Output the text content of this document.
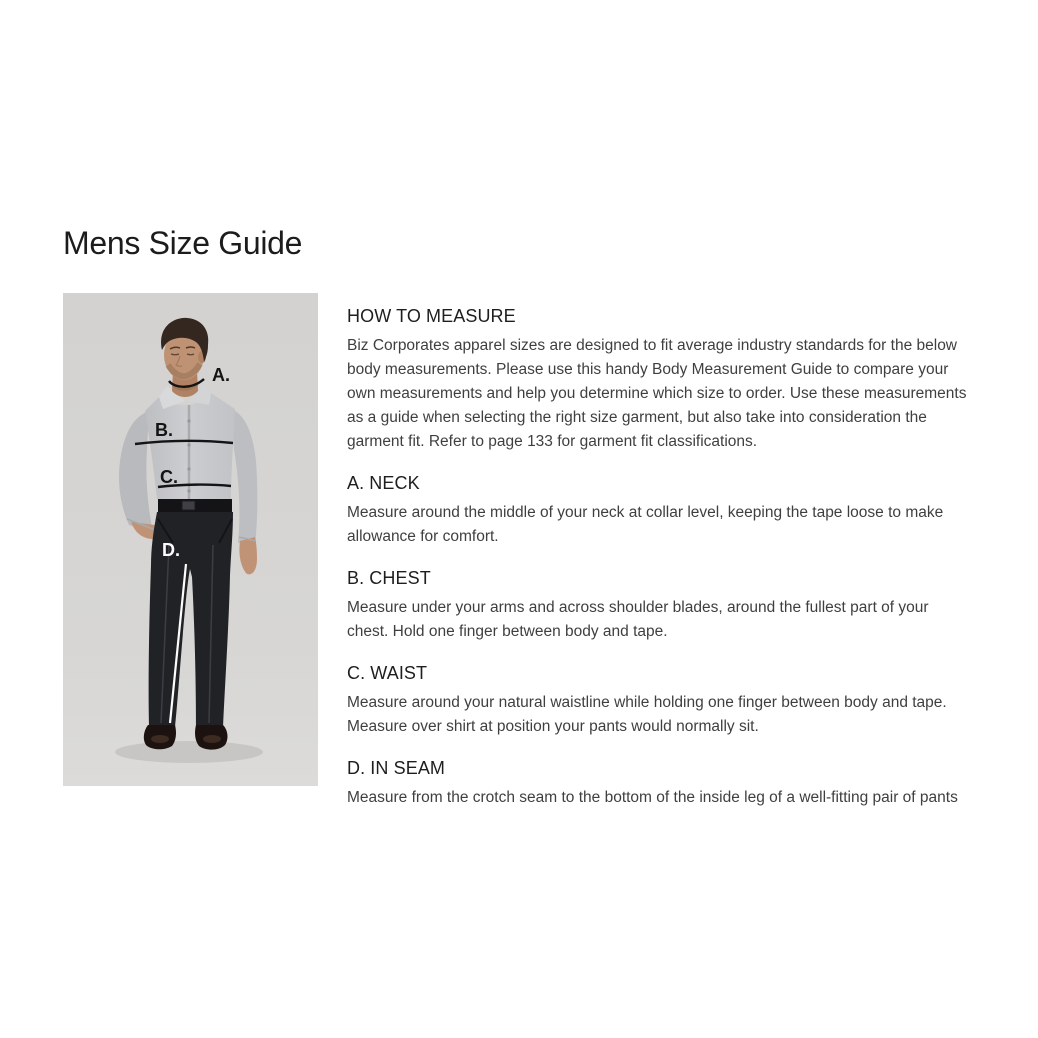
Mens Size Guide
A.
B.
C.
D.
HOW TO MEASURE

Biz Corporates apparel sizes are designed to fit average industry standards for the below body measurements. Please use this handy Body Measurement Guide to compare your own measurements and help you determine which size to order. Use these measurements as a guide when selecting the right size garment, but also take into consideration the garment fit. Refer to page 133 for garment fit classifications.

A. NECK

Measure around the middle of your neck at collar level, keeping the tape loose to make allowance for comfort.

B. CHEST

Measure under your arms and across shoulder blades, around the fullest part of your chest. Hold one finger between body and tape.

C. WAIST

Measure around your natural waistline while holding one finger between body and tape. Measure over shirt at position your pants would normally sit.

D. IN SEAM

Measure from the crotch seam to the bottom of the inside leg of a well-fitting pair of pants
